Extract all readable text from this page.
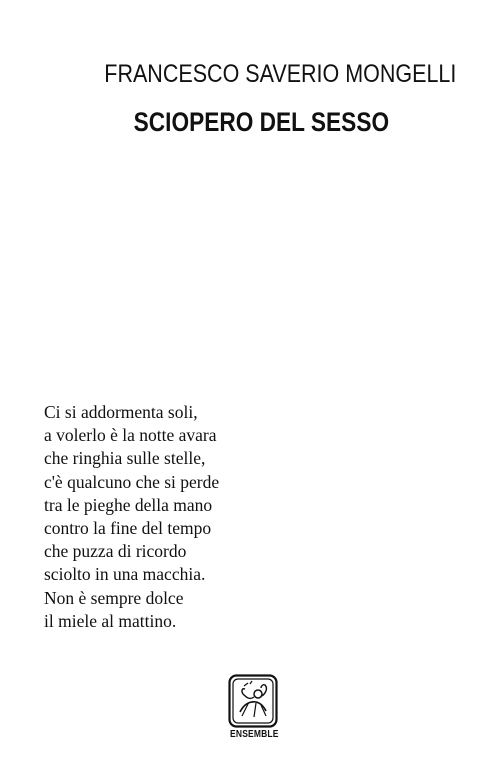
FRANCESCO SAVERIO MONGELLI
SCIOPERO DEL SESSO
Ci si addormenta soli,
a volerlo è la notte avara
che ringhia sulle stelle,
c'è qualcuno che si perde
tra le pieghe della mano
contro la fine del tempo
che puzza di ricordo
sciolto in una macchia.
Non è sempre dolce
il miele al mattino.
ENSEMBLE
